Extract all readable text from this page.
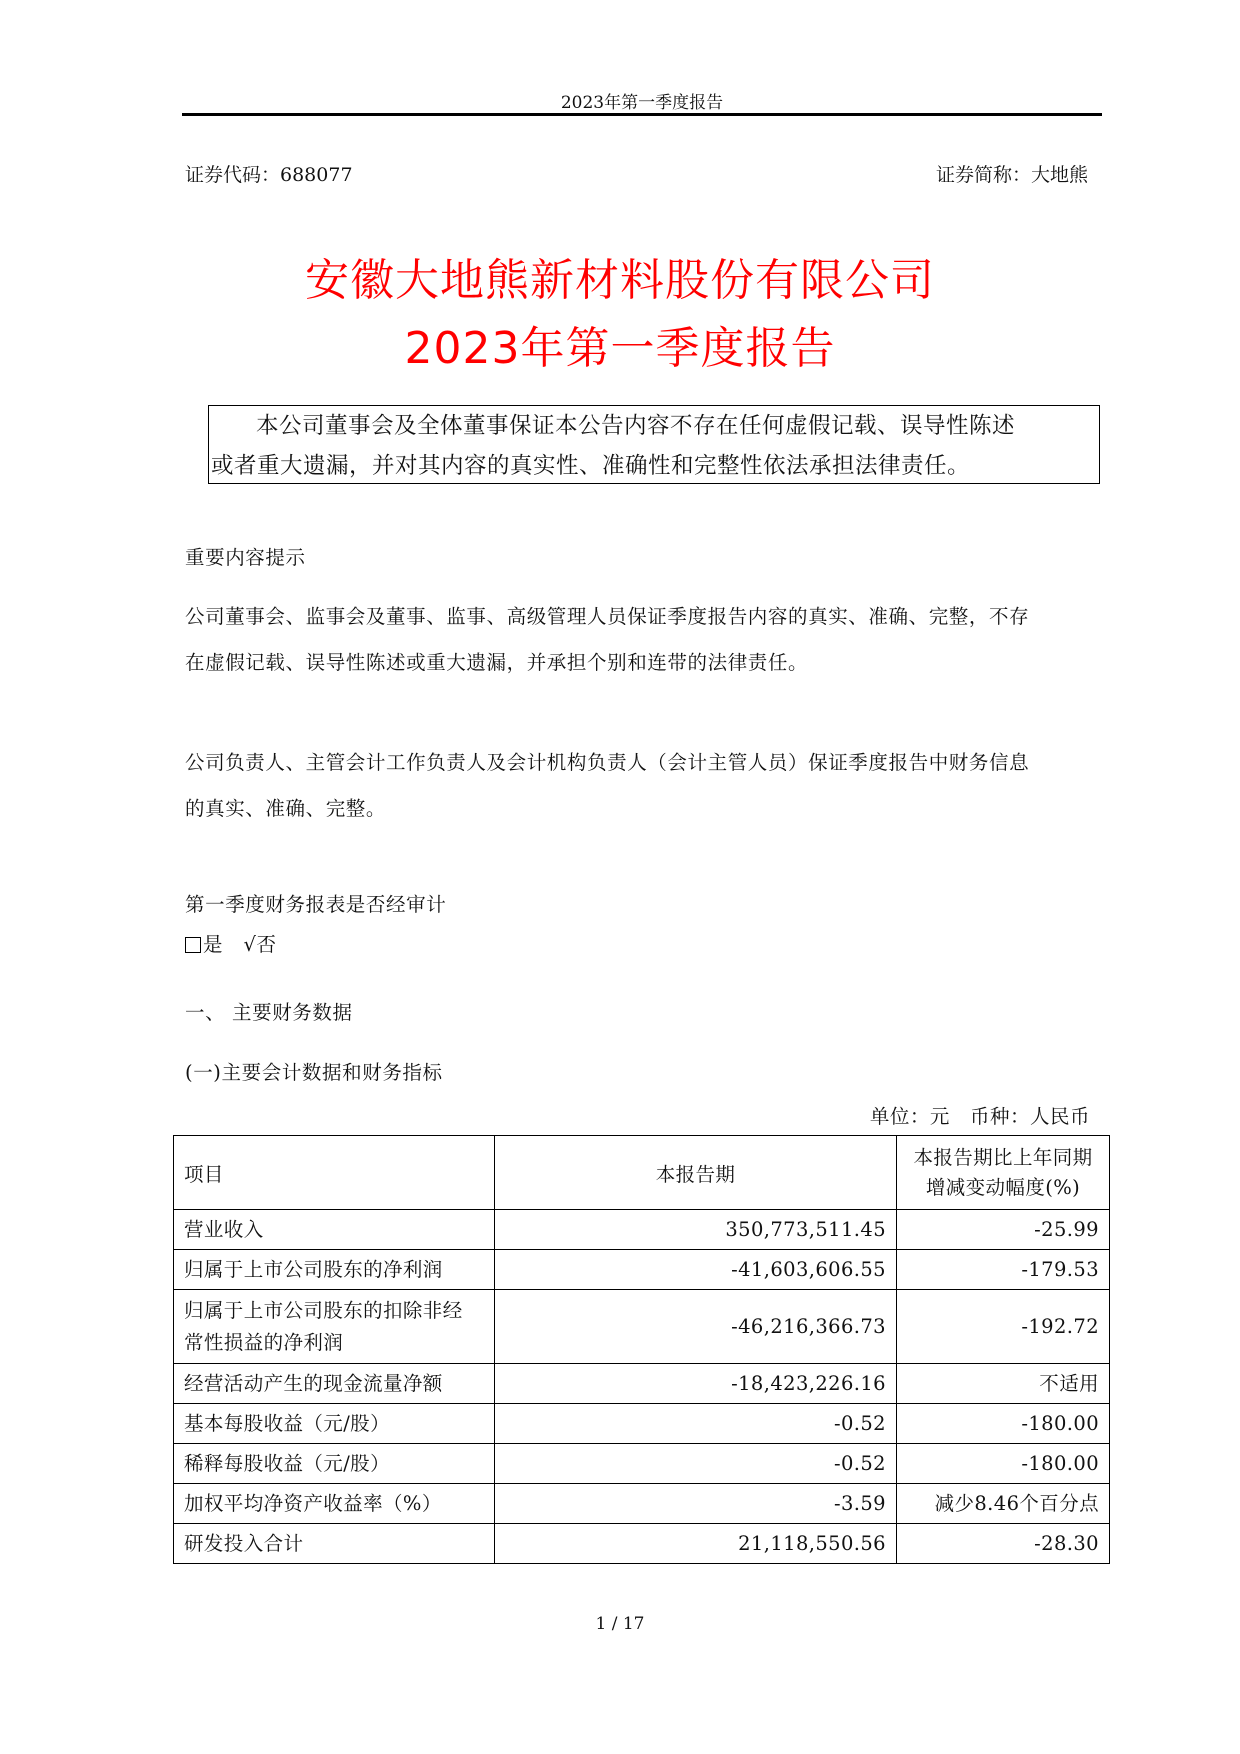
2023年第一季度报告
证券代码：688077	证券简称：大地熊
安徽大地熊新材料股份有限公司
2023年第一季度报告
本公司董事会及全体董事保证本公告内容不存在任何虚假记载、误导性陈述
或者重大遗漏，并对其内容的真实性、准确性和完整性依法承担法律责任。
重要内容提示
公司董事会、监事会及董事、监事、高级管理人员保证季度报告内容的真实、准确、完整，不存
在虚假记载、误导性陈述或重大遗漏，并承担个别和连带的法律责任。
公司负责人、主管会计工作负责人及会计机构负责人（会计主管人员）保证季度报告中财务信息
的真实、准确、完整。
第一季度财务报表是否经审计
是 √否
一、 主要财务数据
(一)主要会计数据和财务指标
单位：元   币种：人民币
项目	本报告期	本报告期比上年同期
增减变动幅度(%)

营业收入	350,773,511.45	-25.99
归属于上市公司股东的净利润	-41,603,606.55	-179.53

归属于上市公司股东的扣除非经
常性损益的净利润	-46,216,366.73	-192.72
经营活动产生的现金流量净额	-18,423,226.16	不适用
基本每股收益（元/股）	-0.52	-180.00
稀释每股收益（元/股）	-0.52	-180.00
加权平均净资产收益率（%）	-3.59	减少8.46个百分点
研发投入合计	21,118,550.56	-28.30
1 / 17
